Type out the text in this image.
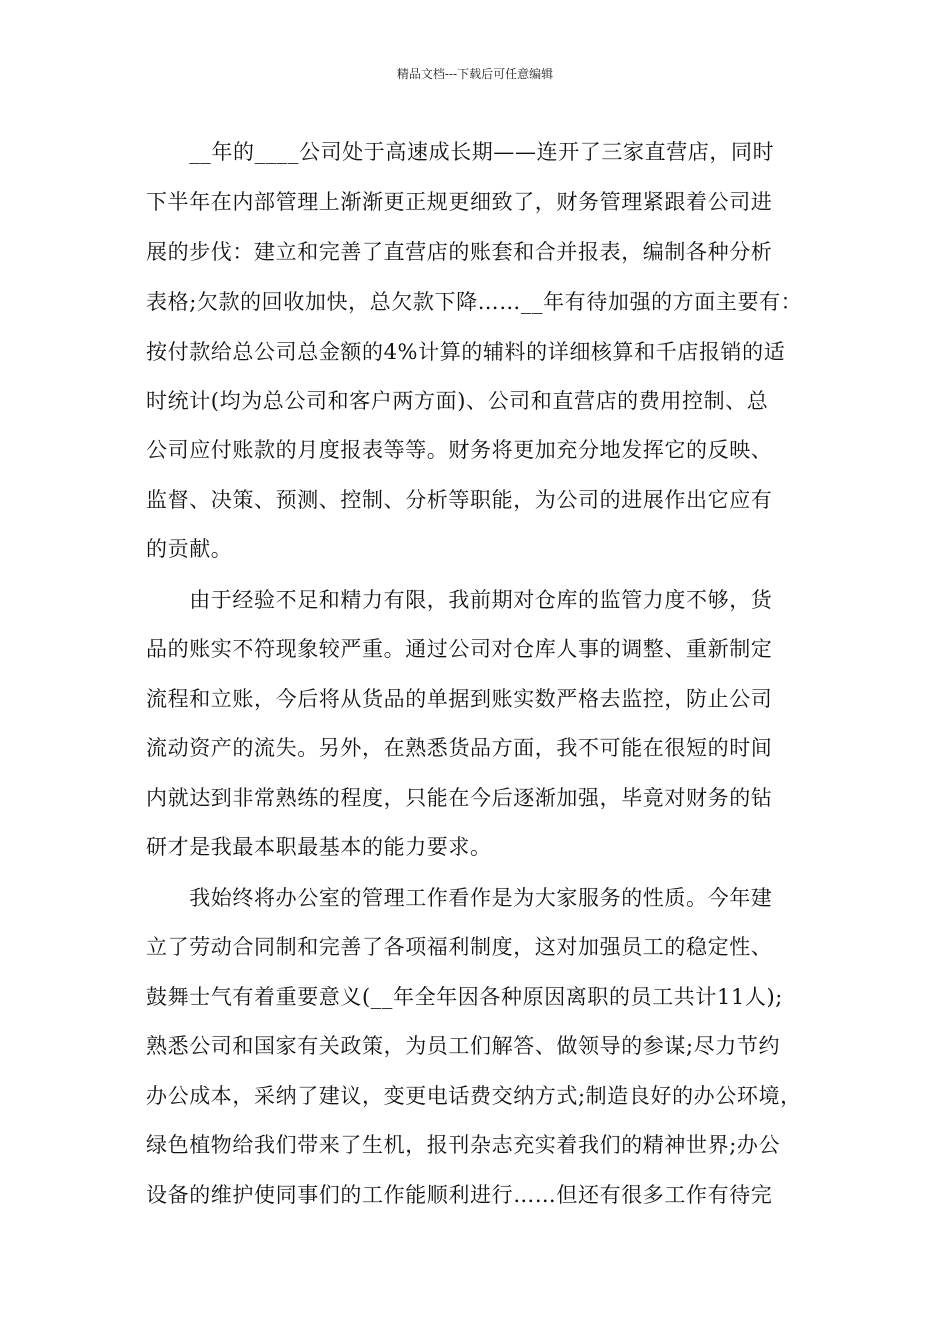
精品文档---下载后可任意编辑
　　__年的____公司处于高速成长期——连开了三家直营店，同时
下半年在内部管理上渐渐更正规更细致了，财务管理紧跟着公司进
展的步伐：建立和完善了直营店的账套和合并报表，编制各种分析
表格;欠款的回收加快，总欠款下降……__年有待加强的方面主要有：
按付款给总公司总金额的4%计算的辅料的详细核算和千店报销的适
时统计(均为总公司和客户两方面)、公司和直营店的费用控制、总
公司应付账款的月度报表等等。财务将更加充分地发挥它的反映、
监督、决策、预测、控制、分析等职能，为公司的进展作出它应有
的贡献。
　　由于经验不足和精力有限，我前期对仓库的监管力度不够，货
品的账实不符现象较严重。通过公司对仓库人事的调整、重新制定
流程和立账，今后将从货品的单据到账实数严格去监控，防止公司
流动资产的流失。另外，在熟悉货品方面，我不可能在很短的时间
内就达到非常熟练的程度，只能在今后逐渐加强，毕竟对财务的钻
研才是我最本职最基本的能力要求。
　　我始终将办公室的管理工作看作是为大家服务的性质。今年建
立了劳动合同制和完善了各项福利制度，这对加强员工的稳定性、
鼓舞士气有着重要意义(__年全年因各种原因离职的员工共计11人);
熟悉公司和国家有关政策，为员工们解答、做领导的参谋;尽力节约
办公成本，采纳了建议，变更电话费交纳方式;制造良好的办公环境，
绿色植物给我们带来了生机，报刊杂志充实着我们的精神世界;办公
设备的维护使同事们的工作能顺利进行……但还有很多工作有待完
